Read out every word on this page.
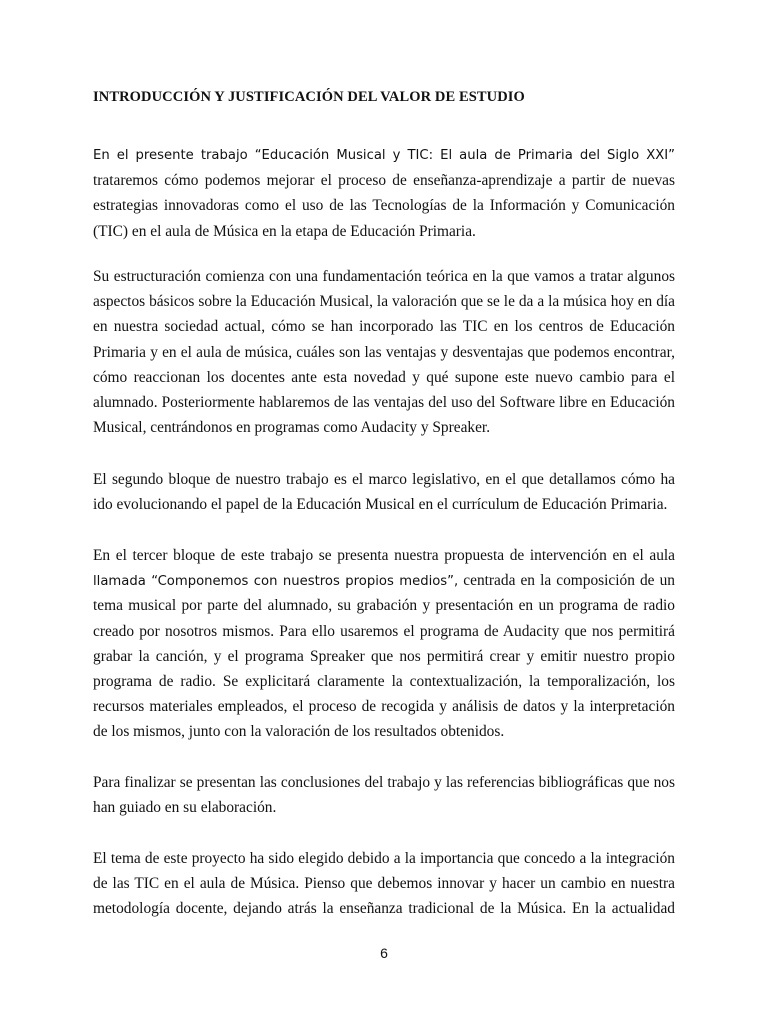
INTRODUCCIÓN Y JUSTIFICACIÓN DEL VALOR DE ESTUDIO
En el presente trabajo “Educación Musical y TIC: El aula de Primaria del Siglo XXI”
trataremos cómo podemos mejorar el proceso de enseñanza-aprendizaje a partir de nuevas
estrategias innovadoras como el uso de las Tecnologías de la Información y Comunicación
(TIC) en el aula de Música en la etapa de Educación Primaria.

Su estructuración comienza con una fundamentación teórica en la que vamos a tratar algunos aspectos básicos sobre la Educación Musical, la valoración que se le da a la música hoy en día en nuestra sociedad actual, cómo se han incorporado las TIC en los centros de Educación Primaria y en el aula de música, cuáles son las ventajas y desventajas que podemos encontrar, cómo reaccionan los docentes ante esta novedad y qué supone este nuevo cambio para el alumnado. Posteriormente hablaremos de las ventajas del uso del Software libre en Educación Musical, centrándonos en programas como Audacity y Spreaker.

El segundo bloque de nuestro trabajo es el marco legislativo, en el que detallamos cómo ha ido evolucionando el papel de la Educación Musical en el currículum de Educación Primaria.

En el tercer bloque de este trabajo se presenta nuestra propuesta de intervención en el aula
llamada “Componemos con nuestros propios medios”, centrada en la composición de un

tema musical por parte del alumnado, su grabación y presentación en un programa de radio creado por nosotros mismos. Para ello usaremos el programa de Audacity que nos permitirá grabar la canción, y el programa Spreaker que nos permitirá crear y emitir nuestro propio programa de radio. Se explicitará claramente la contextualización, la temporalización, los recursos materiales empleados, el proceso de recogida y análisis de datos y la interpretación de los mismos, junto con la valoración de los resultados obtenidos.

Para finalizar se presentan las conclusiones del trabajo y las referencias bibliográficas que nos han guiado en su elaboración.

El tema de este proyecto ha sido elegido debido a la importancia que concedo a la integración de las TIC en el aula de Música. Pienso que debemos innovar y hacer un cambio en nuestra metodología docente, dejando atrás la enseñanza tradicional de la Música. En la actualidad

6
